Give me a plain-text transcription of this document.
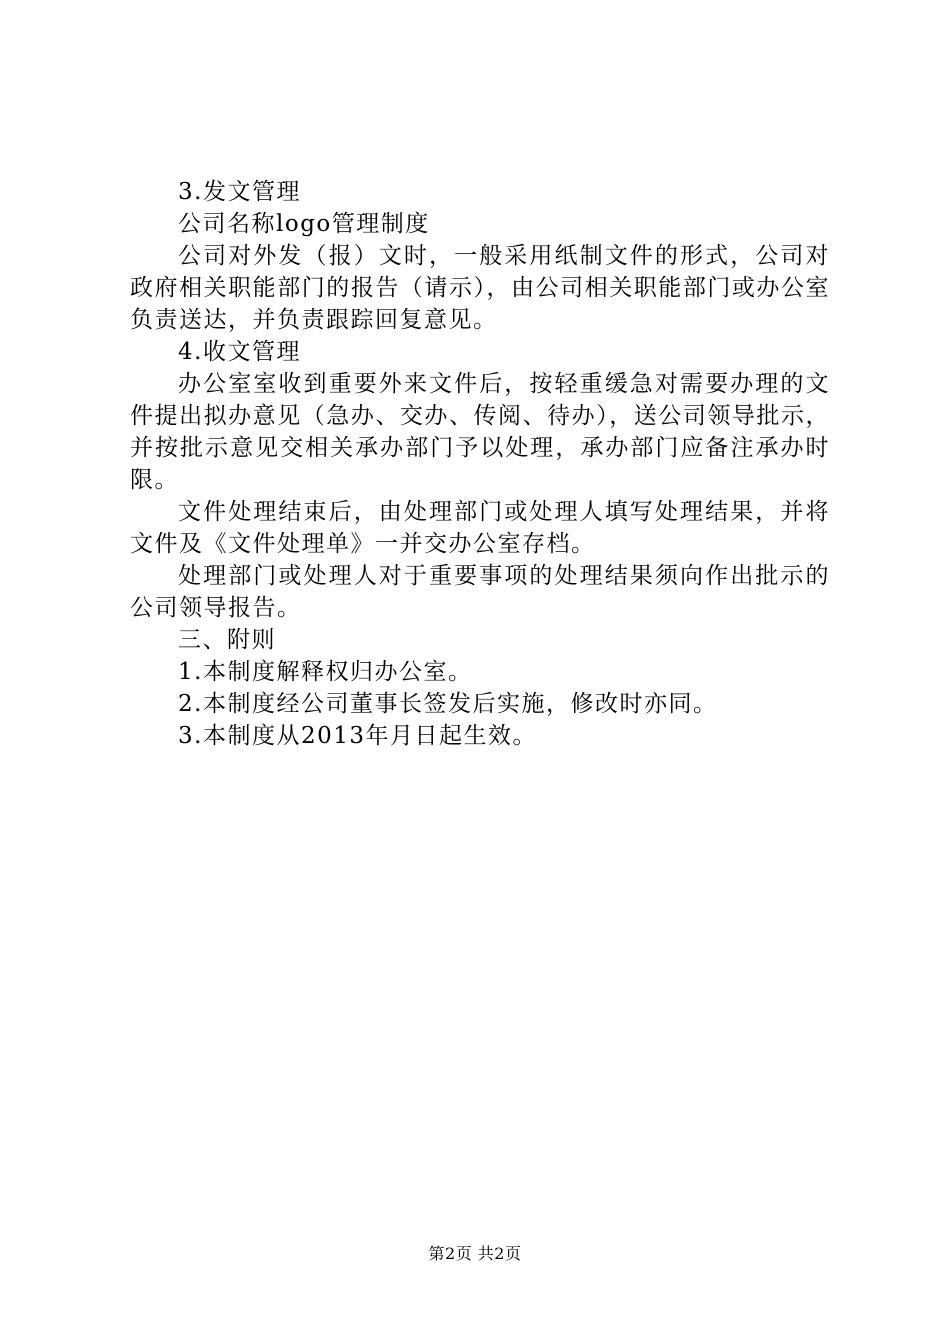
3.发文管理

公司名称logo管理制度

公司对外发（报）文时，一般采用纸制文件的形式，公司对政府相关职能部门的报告（请示），由公司相关职能部门或办公室负责送达，并负责跟踪回复意见。

4.收文管理

办公室室收到重要外来文件后，按轻重缓急对需要办理的文件提出拟办意见（急办、交办、传阅、待办），送公司领导批示，并按批示意见交相关承办部门予以处理，承办部门应备注承办时限。

文件处理结束后，由处理部门或处理人填写处理结果，并将文件及《文件处理单》一并交办公室存档。

处理部门或处理人对于重要事项的处理结果须向作出批示的公司领导报告。

三、附则

1.本制度解释权归办公室。

2.本制度经公司董事长签发后实施，修改时亦同。

3.本制度从2013年月日起生效。

第2页 共2页
